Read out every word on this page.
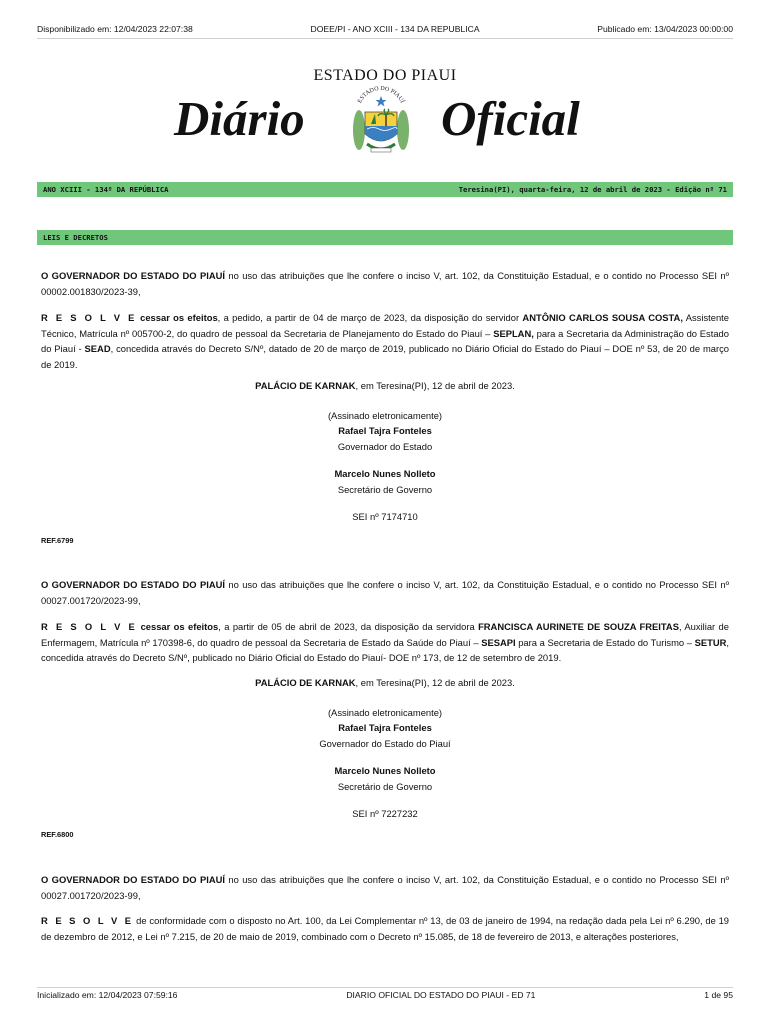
Disponibilizado em: 12/04/2023 22:07:38	DOEE/PI - ANO XCIII - 134 DA REPUBLICA	Publicado em: 13/04/2023 00:00:00
ESTADO DO PIAUI
Diário	ESTADO DO PIAUÍ Oficial
ANO XCIII - 134º DA REPÚBLICA	Teresina(PI), quarta-feira, 12 de abril de 2023 - Edição nº 71
LEIS E DECRETOS

O GOVERNADOR DO ESTADO DO PIAUÍ no uso das atribuições que lhe confere o inciso V, art. 102, da Constituição Estadual, e o contido no Processo SEI nº 00002.001830/2023-39,

R E S O L V E cessar os efeitos, a pedido, a partir de 04 de março de 2023, da disposição do servidor ANTÔNIO CARLOS SOUSA COSTA, Assistente Técnico, Matrícula nº 005700-2, do quadro de pessoal da Secretaria de Planejamento do Estado do Piauí – SEPLAN, para a Secretaria da Administração do Estado do Piauí - SEAD, concedida através do Decreto S/Nº, datado de 20 de março de 2019, publicado no Diário Oficial do Estado do Piauí – DOE nº 53, de 20 de março de 2019.

PALÁCIO DE KARNAK, em Teresina(PI), 12 de abril de 2023.

(Assinado eletronicamente)

Rafael Tajra Fonteles

Governador do Estado

Marcelo Nunes Nolleto

Secretário de Governo

SEI nº 7174710

REF.6799

O GOVERNADOR DO ESTADO DO PIAUÍ no uso das atribuições que lhe confere o inciso V, art. 102, da Constituição Estadual, e o contido no Processo SEI nº 00027.001720/2023-99,

R E S O L V E cessar os efeitos, a partir de 05 de abril de 2023, da disposição da servidora FRANCISCA AURINETE DE SOUZA FREITAS, Auxiliar de Enfermagem, Matrícula nº 170398-6, do quadro de pessoal da Secretaria de Estado da Saúde do Piauí – SESAPI para a Secretaria de Estado do Turismo – SETUR, concedida através do Decreto S/Nº, publicado no Diário Oficial do Estado do Piauí- DOE nº 173, de 12 de setembro de 2019.

PALÁCIO DE KARNAK, em Teresina(PI), 12 de abril de 2023.

(Assinado eletronicamente)

Rafael Tajra Fonteles

Governador do Estado do Piauí

Marcelo Nunes Nolleto

Secretário de Governo

SEI nº 7227232

REF.6800

O GOVERNADOR DO ESTADO DO PIAUÍ no uso das atribuições que lhe confere o inciso V, art. 102, da Constituição Estadual, e o contido no Processo SEI nº 00027.001720/2023-99,

R E S O L V E de conformidade com o disposto no Art. 100, da Lei Complementar nº 13, de 03 de janeiro de 1994, na redação dada pela Lei nº 6.290, de 19 de dezembro de 2012, e Lei nº 7.215, de 20 de maio de 2019, combinado com o Decreto nº 15.085, de 18 de fevereiro de 2013, e alterações posteriores,

Inicializado em: 12/04/2023 07:59:16	DIARIO OFICIAL DO ESTADO DO PIAUI - ED 71	1 de 95
